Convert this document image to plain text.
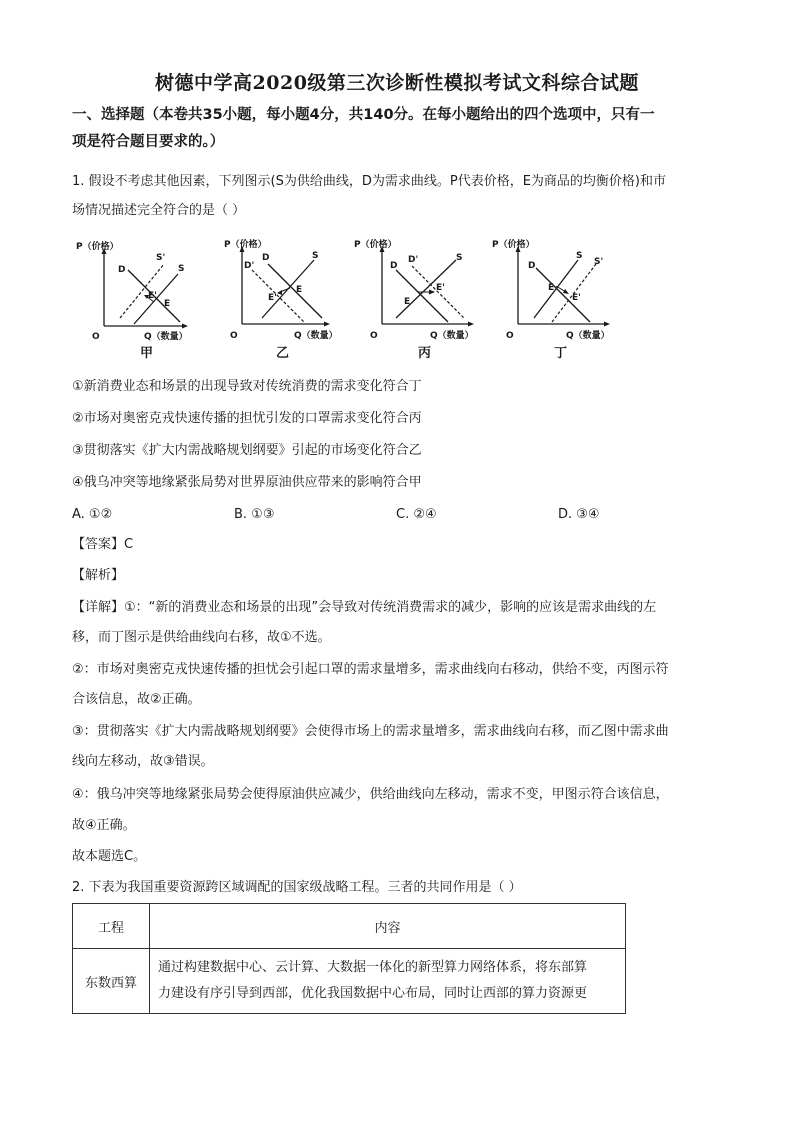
树德中学高2020级第三次诊断性模拟考试文科综合试题
一、选择题（本卷共35小题，每小题4分，共140分。在每小题给出的四个选项中，只有一
项是符合题目要求的。）
1. 假设不考虑其他因素，下列图示(S为供给曲线，D为需求曲线。P代表价格，E为商品的均衡价格)和市
场情况描述完全符合的是（ ）
P（价格）
Q（数量）
O
S'
S
D
E'
E
甲
P（价格）
Q（数量）
O
D
D'
S
E'
E
乙
P（价格）
Q（数量）
O
D
D'	S
E
E'
丙
P（价格）
Q（数量）
O
S
S'
D
E
E'
丁
①新消费业态和场景的出现导致对传统消费的需求变化符合丁
②市场对奥密克戎快速传播的担忧引发的口罩需求变化符合丙
③贯彻落实《扩大内需战略规划纲要》引起的市场变化符合乙
④俄乌冲突等地缘紧张局势对世界原油供应带来的影响符合甲
A. ①②	B. ①③	C. ②④	D. ③④
【答案】C
【解析】
【详解】①：“新的消费业态和场景的出现”会导致对传统消费需求的减少，影响的应该是需求曲线的左
移，而丁图示是供给曲线向右移，故①不选。
②：市场对奥密克戎快速传播的担忧会引起口罩的需求量增多，需求曲线向右移动，供给不变，丙图示符
合该信息，故②正确。
③：贯彻落实《扩大内需战略规划纲要》会使得市场上的需求量增多，需求曲线向右移，而乙图中需求曲
线向左移动，故③错误。
④：俄乌冲突等地缘紧张局势会使得原油供应减少，供给曲线向左移动，需求不变，甲图示符合该信息，
故④正确。
故本题选C。
2. 下表为我国重要资源跨区域调配的国家级战略工程。三者的共同作用是（ ）
工程	内容
东数西算	通过构建数据中心、云计算、大数据一体化的新型算力网络体系，将东部算
力建设有序引导到西部，优化我国数据中心布局，同时让西部的算力资源更
